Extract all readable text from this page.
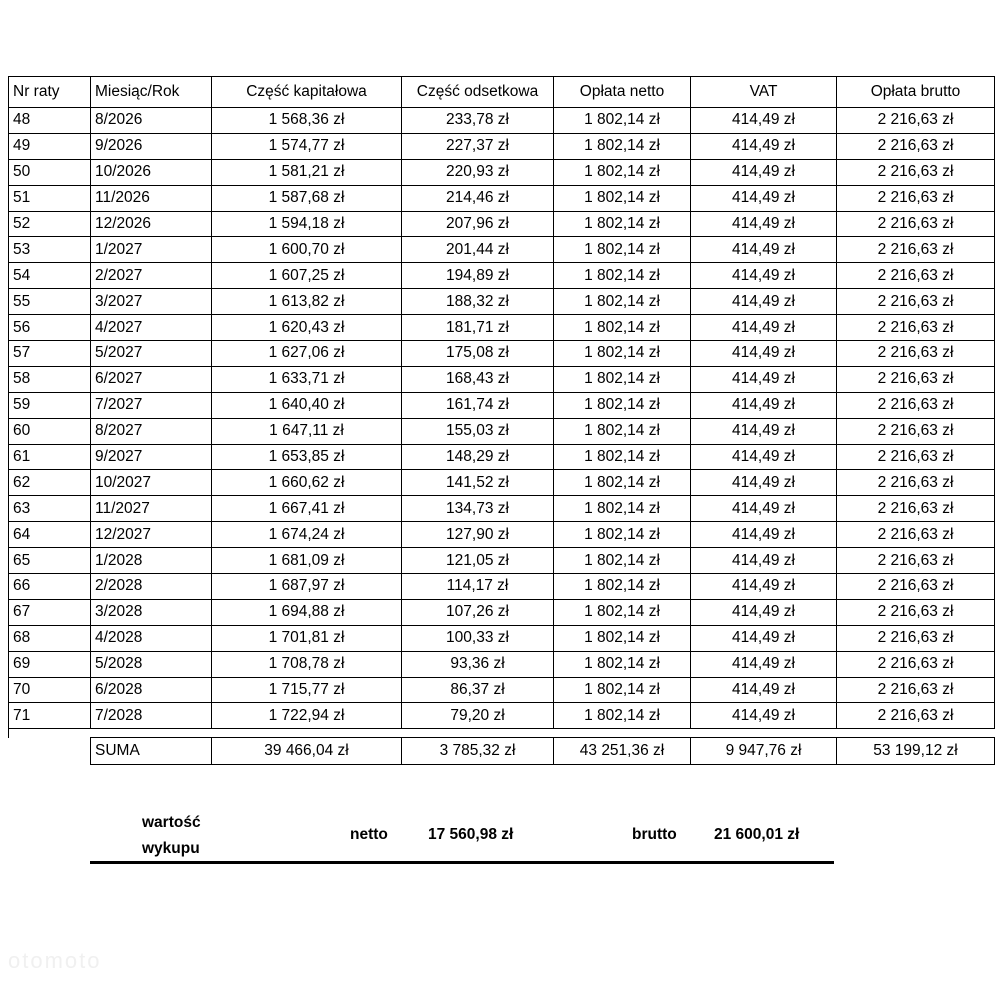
Nr raty	Miesiąc/Rok	Część kapitałowa	Część odsetkowa	Opłata netto	VAT	Opłata brutto
48	8/2026	1 568,36 zł	233,78 zł	1 802,14 zł	414,49 zł	2 216,63 zł
49	9/2026	1 574,77 zł	227,37 zł	1 802,14 zł	414,49 zł	2 216,63 zł
50	10/2026	1 581,21 zł	220,93 zł	1 802,14 zł	414,49 zł	2 216,63 zł
51	11/2026	1 587,68 zł	214,46 zł	1 802,14 zł	414,49 zł	2 216,63 zł
52	12/2026	1 594,18 zł	207,96 zł	1 802,14 zł	414,49 zł	2 216,63 zł
53	1/2027	1 600,70 zł	201,44 zł	1 802,14 zł	414,49 zł	2 216,63 zł
54	2/2027	1 607,25 zł	194,89 zł	1 802,14 zł	414,49 zł	2 216,63 zł
55	3/2027	1 613,82 zł	188,32 zł	1 802,14 zł	414,49 zł	2 216,63 zł
56	4/2027	1 620,43 zł	181,71 zł	1 802,14 zł	414,49 zł	2 216,63 zł
57	5/2027	1 627,06 zł	175,08 zł	1 802,14 zł	414,49 zł	2 216,63 zł
58	6/2027	1 633,71 zł	168,43 zł	1 802,14 zł	414,49 zł	2 216,63 zł
59	7/2027	1 640,40 zł	161,74 zł	1 802,14 zł	414,49 zł	2 216,63 zł
60	8/2027	1 647,11 zł	155,03 zł	1 802,14 zł	414,49 zł	2 216,63 zł
61	9/2027	1 653,85 zł	148,29 zł	1 802,14 zł	414,49 zł	2 216,63 zł
62	10/2027	1 660,62 zł	141,52 zł	1 802,14 zł	414,49 zł	2 216,63 zł
63	11/2027	1 667,41 zł	134,73 zł	1 802,14 zł	414,49 zł	2 216,63 zł
64	12/2027	1 674,24 zł	127,90 zł	1 802,14 zł	414,49 zł	2 216,63 zł
65	1/2028	1 681,09 zł	121,05 zł	1 802,14 zł	414,49 zł	2 216,63 zł
66	2/2028	1 687,97 zł	114,17 zł	1 802,14 zł	414,49 zł	2 216,63 zł
67	3/2028	1 694,88 zł	107,26 zł	1 802,14 zł	414,49 zł	2 216,63 zł
68	4/2028	1 701,81 zł	100,33 zł	1 802,14 zł	414,49 zł	2 216,63 zł
69	5/2028	1 708,78 zł	93,36 zł	1 802,14 zł	414,49 zł	2 216,63 zł
70	6/2028	1 715,77 zł	86,37 zł	1 802,14 zł	414,49 zł	2 216,63 zł
71	7/2028	1 722,94 zł	79,20 zł	1 802,14 zł	414,49 zł	2 216,63 zł

	SUMA	39 466,04 zł	3 785,32 zł	43 251,36 zł	9 947,76 zł	53 199,12 zł
wartość
wykupu
netto	17 560,98 zł	brutto 21 600,01 zł
otomoto
